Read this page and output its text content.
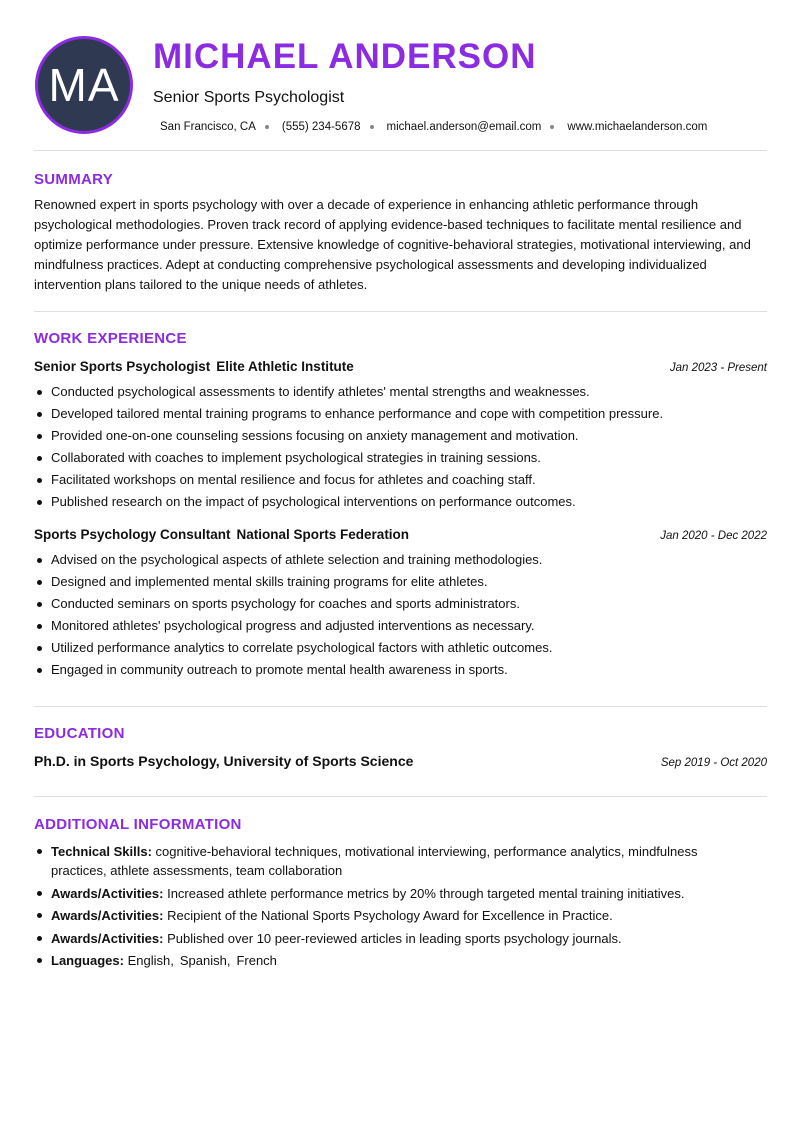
MA
MICHAEL ANDERSON
Senior Sports Psychologist
San Francisco, CA (555) 234-5678 michael.anderson@email.com www.michaelanderson.com
SUMMARY
Renowned expert in sports psychology with over a decade of experience in enhancing athletic performance through psychological methodologies. Proven track record of applying evidence-based techniques to facilitate mental resilience and optimize performance under pressure. Extensive knowledge of cognitive-behavioral strategies, motivational interviewing, and mindfulness practices. Adept at conducting comprehensive psychological assessments and developing individualized intervention plans tailored to the unique needs of athletes.
WORK EXPERIENCE
Senior Sports Psychologist Elite Athletic Institute	Jan 2023 - Present
Conducted psychological assessments to identify athletes' mental strengths and weaknesses.
Developed tailored mental training programs to enhance performance and cope with competition pressure.
Provided one-on-one counseling sessions focusing on anxiety management and motivation.
Collaborated with coaches to implement psychological strategies in training sessions.
Facilitated workshops on mental resilience and focus for athletes and coaching staff.
Published research on the impact of psychological interventions on performance outcomes.
Sports Psychology Consultant National Sports Federation	Jan 2020 - Dec 2022
Advised on the psychological aspects of athlete selection and training methodologies.
Designed and implemented mental skills training programs for elite athletes.
Conducted seminars on sports psychology for coaches and sports administrators.
Monitored athletes' psychological progress and adjusted interventions as necessary.
Utilized performance analytics to correlate psychological factors with athletic outcomes.
Engaged in community outreach to promote mental health awareness in sports.
EDUCATION
Ph.D. in Sports Psychology, University of Sports Science	Sep 2019 - Oct 2020
ADDITIONAL INFORMATION
Technical Skills: cognitive-behavioral techniques, motivational interviewing, performance analytics, mindfulness practices, athlete assessments, team collaboration
Awards/Activities: Increased athlete performance metrics by 20% through targeted mental training initiatives.
Awards/Activities: Recipient of the National Sports Psychology Award for Excellence in Practice.
Awards/Activities: Published over 10 peer-reviewed articles in leading sports psychology journals.
Languages: English, Spanish, French
